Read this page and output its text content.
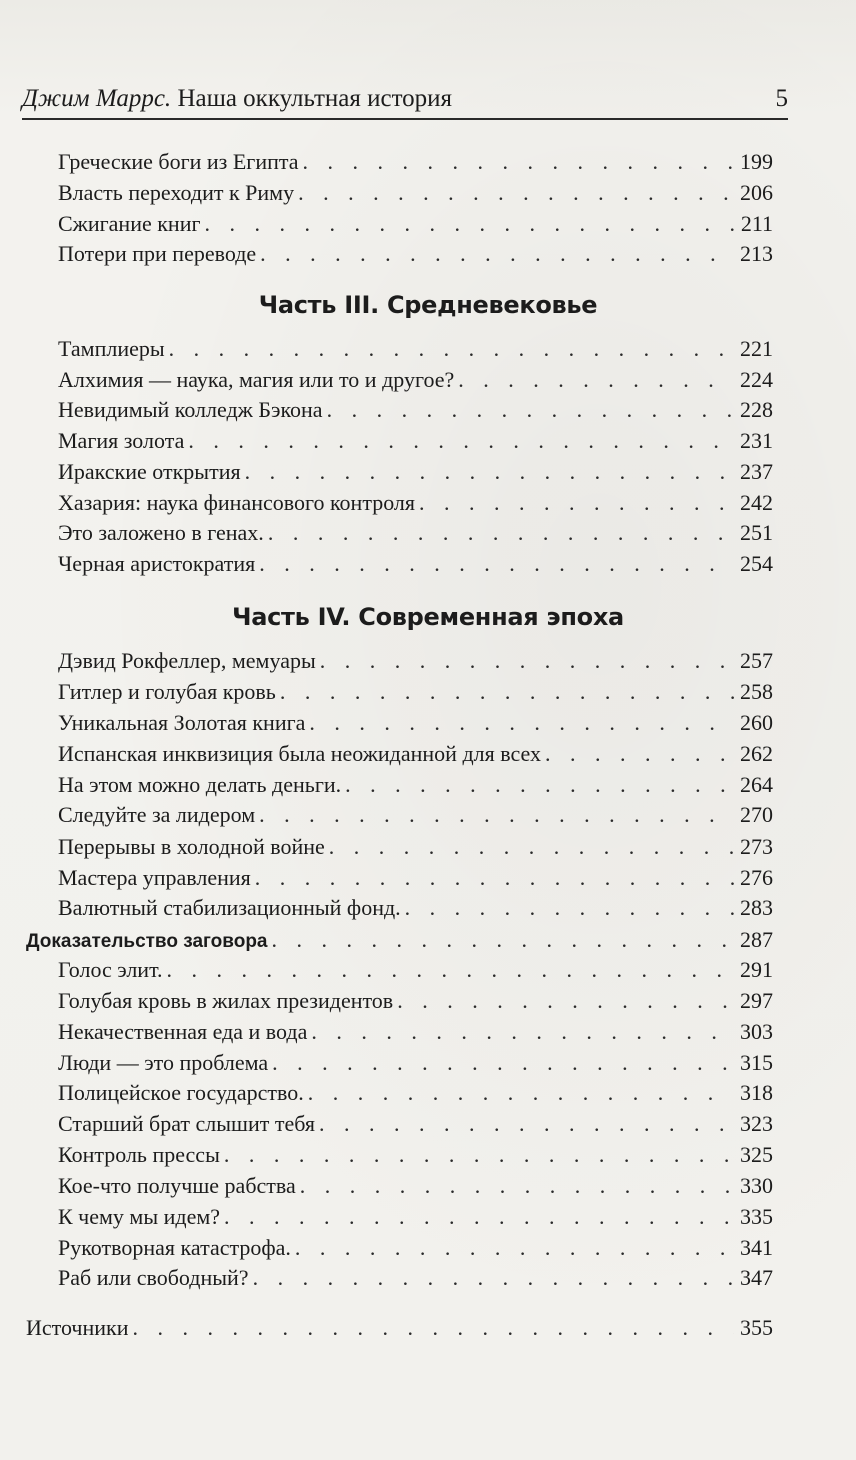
Джим Маррс. Наша оккультная история	5
Греческие боги из Египта . . .	199
Власть переходит к Риму . . .	206
Сжигание книг . . .	211
Потери при переводе . . .	213
Часть III. Средневековье
Тамплиеры . . .	221
Алхимия — наука, магия или то и другое? . . .	224
Невидимый колледж Бэкона . . .	228
Магия золота . . .	231
Иракские открытия . . .	237
Хазария: наука финансового контроля . . .	242
Это заложено в генах. . . .	251
Черная аристократия . . .	254
Часть IV. Современная эпоха
Дэвид Рокфеллер, мемуары . . .	257
Гитлер и голубая кровь . . .	258
Уникальная Золотая книга . . .	260
Испанская инквизиция была неожиданной для всех . . .	262
На этом можно делать деньги. . . .	264
Следуйте за лидером . . .	270
Перерывы в холодной войне . . .	273
Мастера управления . . .	276
Валютный стабилизационный фонд. . . .	283
Доказательство заговора . . .	287
Голос элит. . . .	291
Голубая кровь в жилах президентов . . .	297
Некачественная еда и вода . . .	303
Люди — это проблема . . .	315
Полицейское государство. . . .	318
Старший брат слышит тебя . . .	323
Контроль прессы . . .	325
Кое-что получше рабства . . .	330
К чему мы идем? . . .	335
Рукотворная катастрофа. . . .	341
Раб или свободный? . . .	347
Источники . . .	355
